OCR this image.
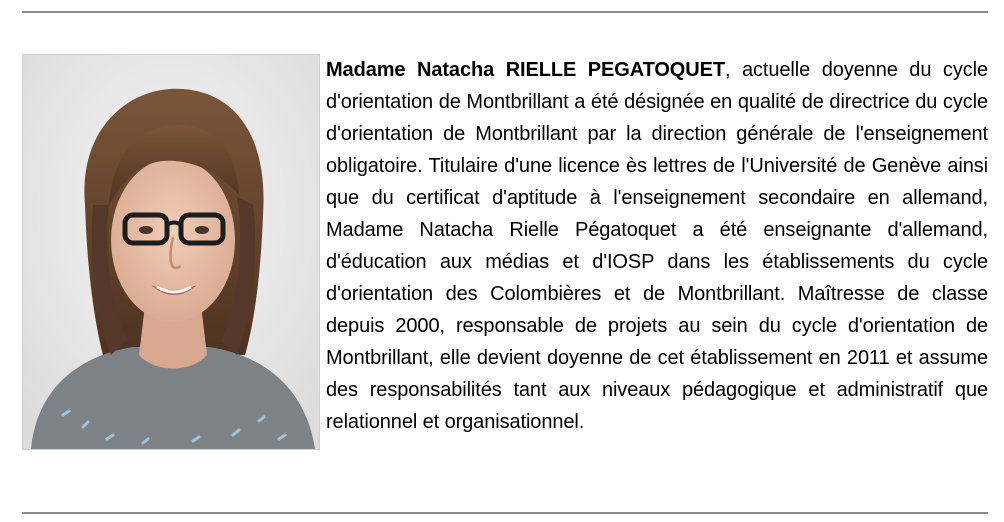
Madame Natacha RIELLE PEGATOQUET, actuelle doyenne du cycle d'orientation de Montbrillant a été désignée en qualité de directrice du cycle d'orientation de Montbrillant par la direction générale de l'enseignement obligatoire. Titulaire d'une licence ès lettres de l'Université de Genève ainsi que du certificat d'aptitude à l'enseignement secondaire en allemand, Madame Natacha Rielle Pégatoquet a été enseignante d'allemand, d'éducation aux médias et d'IOSP dans les établissements du cycle d'orientation des Colombières et de Montbrillant. Maîtresse de classe depuis 2000, responsable de projets au sein du cycle d'orientation de Montbrillant, elle devient doyenne de cet établissement en 2011 et assume des responsabilités tant aux niveaux pédagogique et administratif que relationnel et organisationnel.
